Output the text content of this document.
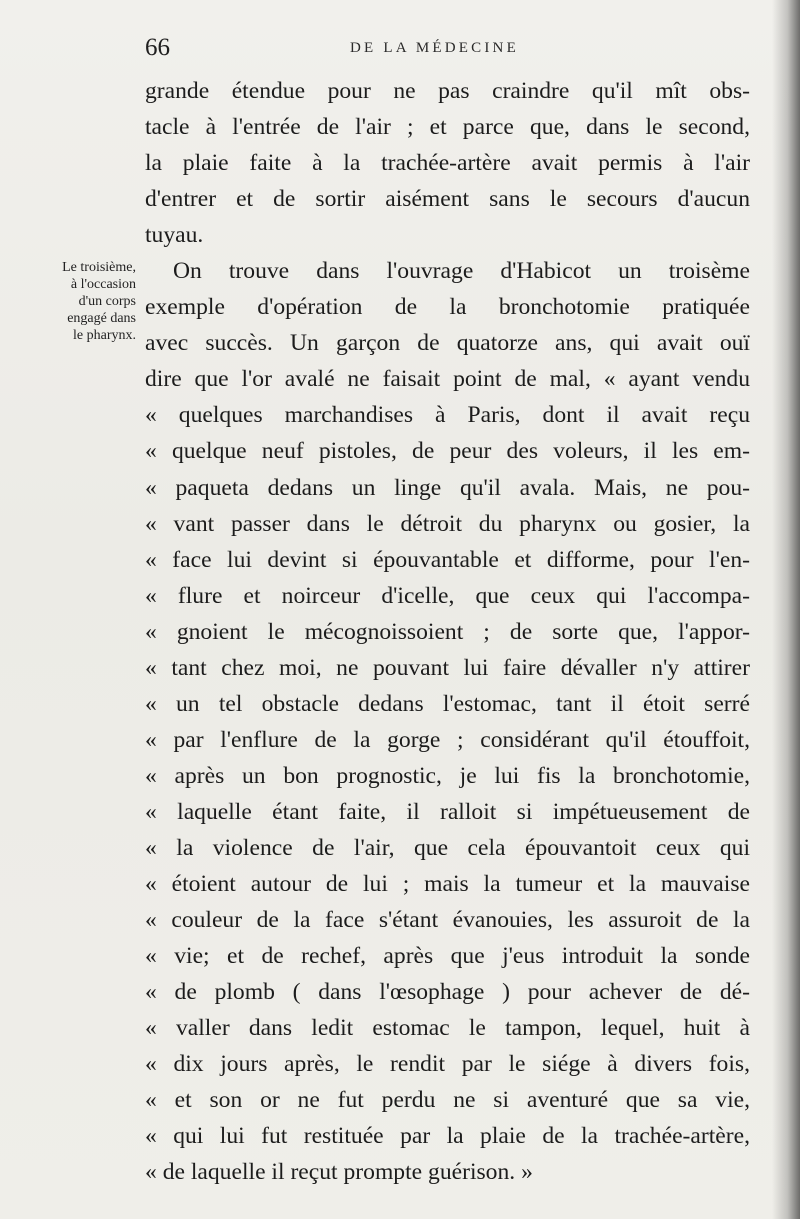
66	DE LA MÉDECINE
Le troisième,
à l'occasion
d'un corps
engagé dans
le pharynx.
grande étendue pour ne pas craindre qu'il mît obs-
tacle à l'entrée de l'air ; et parce que, dans le second,
la plaie faite à la trachée-artère avait permis à l'air
d'entrer et de sortir aisément sans le secours d'aucun
tuyau.
On trouve dans l'ouvrage d'Habicot un troisème
exemple d'opération de la bronchotomie pratiquée
avec succès. Un garçon de quatorze ans, qui avait ouï
dire que l'or avalé ne faisait point de mal, « ayant vendu
« quelques marchandises à Paris, dont il avait reçu
« quelque neuf pistoles, de peur des voleurs, il les em-
« paqueta dedans un linge qu'il avala. Mais, ne pou-
« vant passer dans le détroit du pharynx ou gosier, la
« face lui devint si épouvantable et difforme, pour l'en-
« flure et noirceur d'icelle, que ceux qui l'accompa-
« gnoient le mécognoissoient ; de sorte que, l'appor-
« tant chez moi, ne pouvant lui faire dévaller n'y attirer
« un tel obstacle dedans l'estomac, tant il étoit serré
« par l'enflure de la gorge ; considérant qu'il étouffoit,
« après un bon prognostic, je lui fis la bronchotomie,
« laquelle étant faite, il ralloit si impétueusement de
« la violence de l'air, que cela épouvantoit ceux qui
« étoient autour de lui ; mais la tumeur et la mauvaise
« couleur de la face s'étant évanouies, les assuroit de la
« vie; et de rechef, après que j'eus introduit la sonde
« de plomb ( dans l'œsophage ) pour achever de dé-
« valler dans ledit estomac le tampon, lequel, huit à
« dix jours après, le rendit par le siége à divers fois,
« et son or ne fut perdu ne si aventuré que sa vie,
« qui lui fut restituée par la plaie de la trachée-artère,
« de laquelle il reçut prompte guérison. »
